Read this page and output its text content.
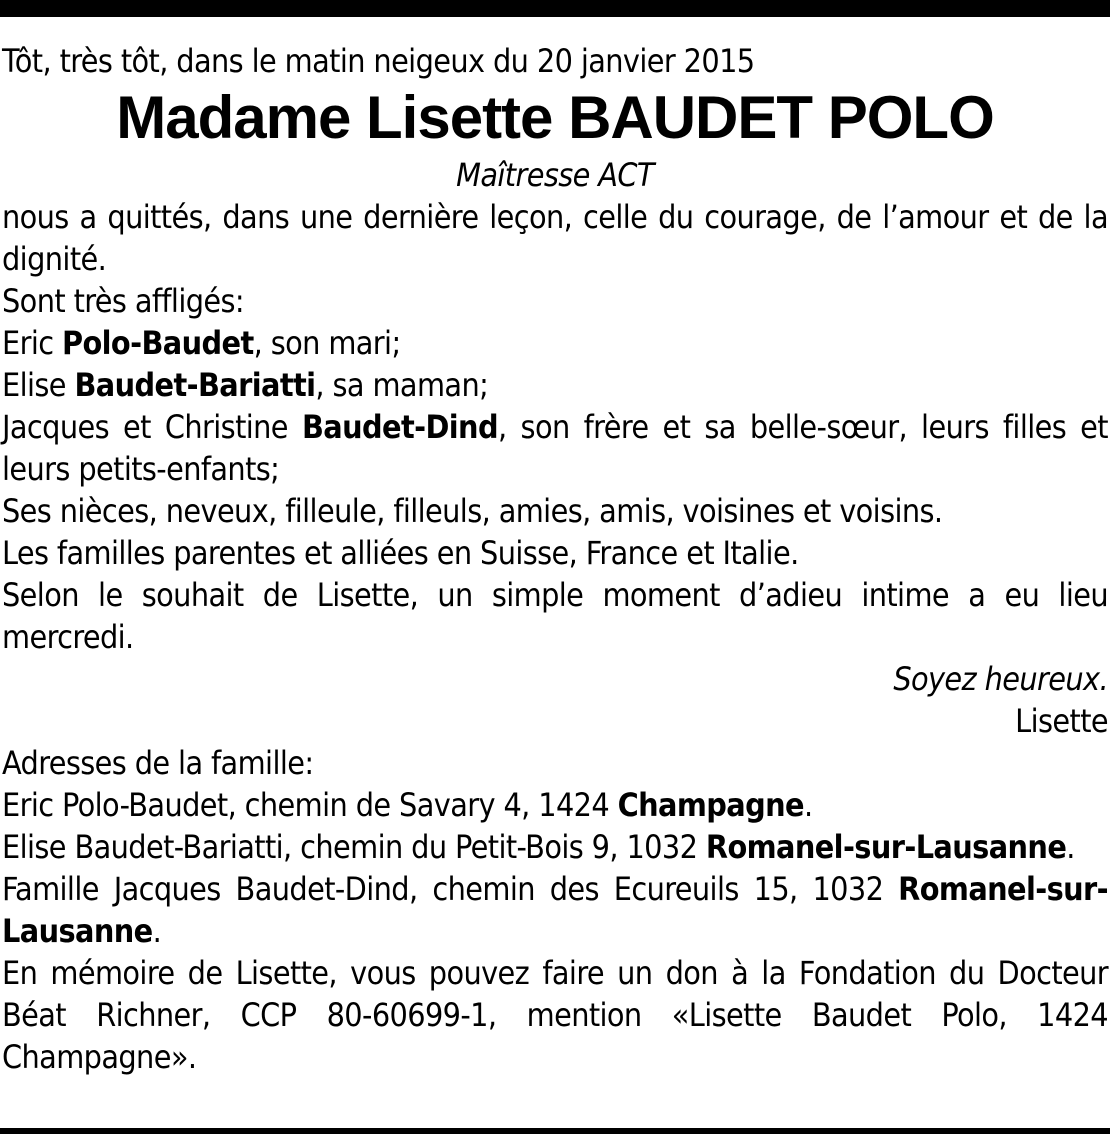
Tôt, très tôt, dans le matin neigeux du 20 janvier 2015

Madame Lisette BAUDET POLO

Maîtresse ACT

nous a quittés, dans une dernière leçon, celle du courage, de l’amour et de la dignité.

Sont très affligés:

Eric Polo-Baudet, son mari;

Elise Baudet-Bariatti, sa maman;

Jacques et Christine Baudet-Dind, son frère et sa belle-sœur, leurs filles et leurs petits-enfants;

Ses nièces, neveux, filleule, filleuls, amies, amis, voisines et voisins.

Les familles parentes et alliées en Suisse, France et Italie.

Selon le souhait de Lisette, un simple moment d’adieu intime a eu lieu mercredi.

Soyez heureux.

Lisette

Adresses de la famille:

Eric Polo-Baudet, chemin de Savary 4, 1424 Champagne.

Elise Baudet-Bariatti, chemin du Petit-Bois 9, 1032 Romanel-sur-Lausanne.

Famille Jacques Baudet-Dind, chemin des Ecureuils 15, 1032 Romanel-sur-Lausanne.

En mémoire de Lisette, vous pouvez faire un don à la Fondation du Docteur Béat Richner, CCP 80-60699-1, mention «Lisette Baudet Polo, 1424 Champagne».
